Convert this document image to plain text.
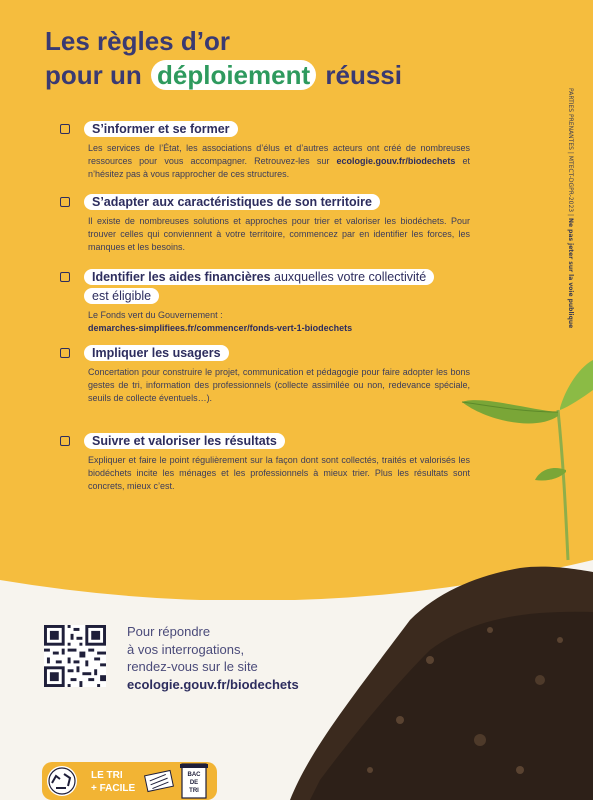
Les règles d’or
pour un déploiement réussi
PARTIES PRENANTES | MTECT-DGPR-2023 | Ne pas jeter sur la voie publique
S’informer et se former
Les services de l’État, les associations d’élus et d’autres acteurs ont créé de nombreuses ressources pour vous accompagner. Retrouvez-les sur ecologie.gouv.fr/biodechets et n’hésitez pas à vous rapprocher de ces structures.
S’adapter aux caractéristiques de son territoire
Il existe de nombreuses solutions et approches pour trier et valoriser les biodéchets. Pour trouver celles qui conviennent à votre territoire, commencez par en identifier les forces, les manques et les besoins.
Identifier les aides financières auxquelles votre collectivité
est éligible
Le Fonds vert du Gouvernement :
demarches-simplifiees.fr/commencer/fonds-vert-1-biodechets
Impliquer les usagers
Concertation pour construire le projet, communication et pédagogie pour faire adopter les bons gestes de tri, information des professionnels (collecte assimilée ou non, redevance spéciale, seuils de collecte éventuels…).
Suivre et valoriser les résultats
Expliquer et faire le point régulièrement sur la façon dont sont collectés, traités et valorisés les biodéchets incite les ménages et les professionnels à mieux trier. Plus les résultats sont concrets, mieux c’est.
Pour répondre
à vos interrogations,
rendez-vous sur le site
ecologie.gouv.fr/biodechets
LE TRI
+ FACILE
BAC
DE
TRI
